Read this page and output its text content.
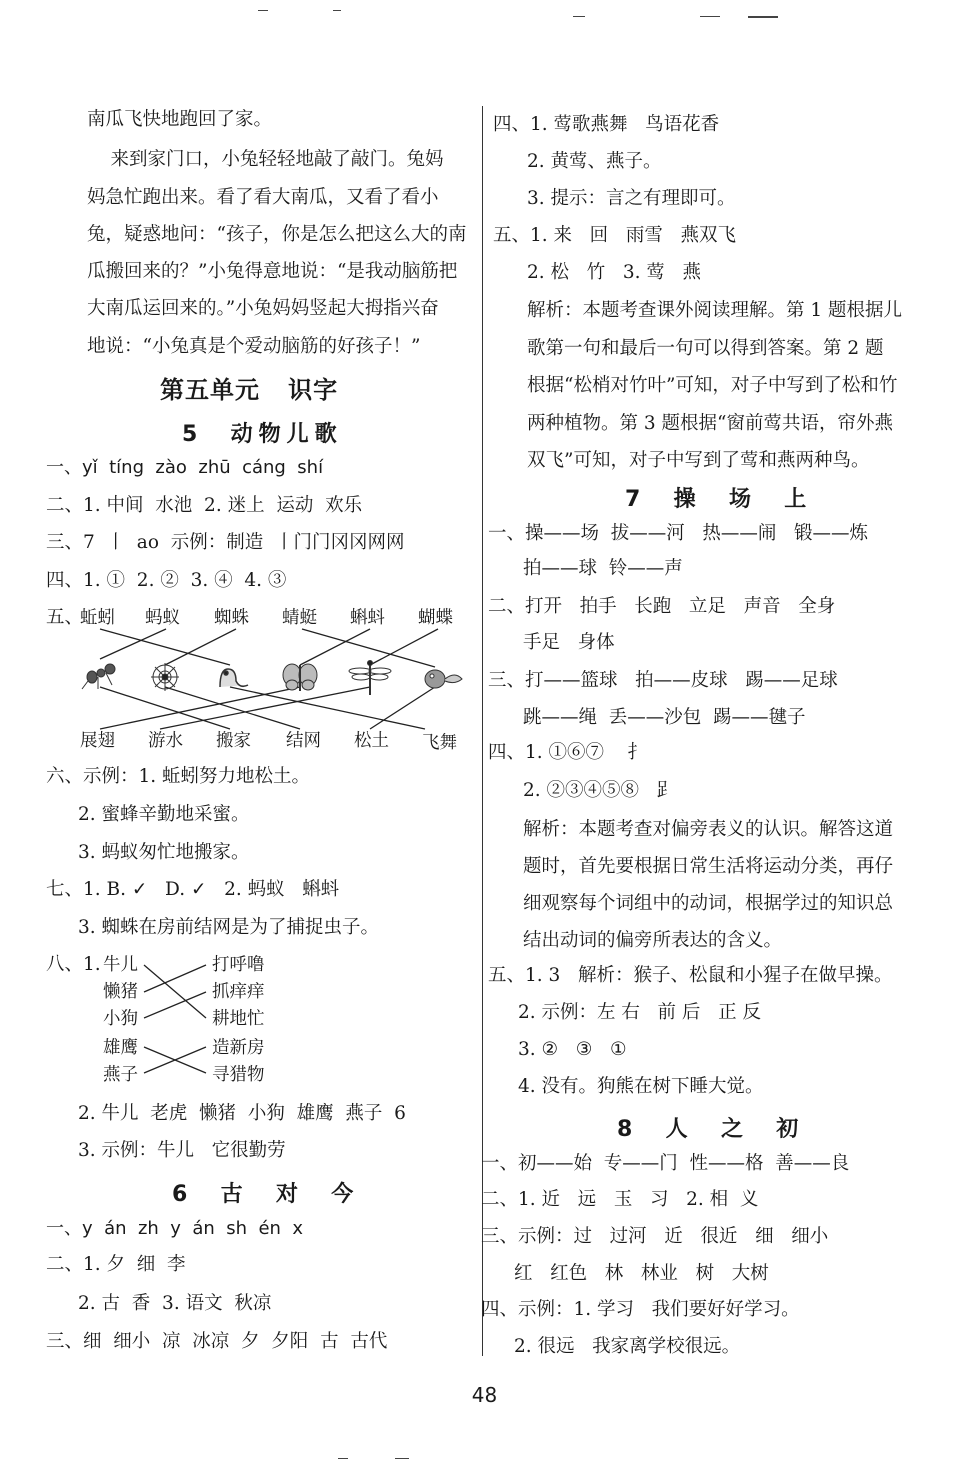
南瓜飞快地跑回了家。
来到家门口，小兔轻轻地敲了敲门。兔妈
妈急忙跑出来。看了看大南瓜，又看了看小
兔，疑惑地问：“孩子，你是怎么把这么大的南
瓜搬回来的？”小兔得意地说：“是我动脑筋把
大南瓜运回来的。”小兔妈妈竖起大拇指兴奋
地说：“小兔真是个爱动脑筋的好孩子！”
第五单元   识字
5  动物儿歌
一、yǐ  tíng  zào  zhū  cáng  shí
二、1. 中间  水池  2. 迷上  运动  欢乐
三、7  丨  ao  示例：制造  丨门门冈冈网网
四、1. ①  2. ②  3. ④  4. ③
五、
蚯蚓 蚂蚁 蜘蛛 蜻蜓 蝌蚪 蝴蝶
展翅 游水 搬家 结网 松土 飞舞
六、示例：1. 蚯蚓努力地松土。
2. 蜜蜂辛勤地采蜜。
3. 蚂蚁匆忙地搬家。
七、1. B. ✓   D. ✓   2. 蚂蚁   蝌蚪
3. 蜘蛛在房前结网是为了捕捉虫子。
八、1. 牛儿
懒猪
小狗
雄鹰
燕子
打呼噜
抓痒痒
耕地忙
造新房
寻猎物
2. 牛儿  老虎  懒猪  小狗  雄鹰  燕子  6
3. 示例：牛儿   它很勤劳
6  古  对  今
一、y  án  zh  y  án  sh  én  x
二、1. 夕  细  李
2. 古  香  3. 语文  秋凉
三、细  细小  凉  冰凉  夕  夕阳  古  古代
四、1. 莺歌燕舞   鸟语花香
2. 黄莺、燕子。
3. 提示：言之有理即可。
五、1. 来   回   雨雪   燕双飞
2. 松   竹   3. 莺   燕
解析：本题考查课外阅读理解。第 1 题根据儿
歌第一句和最后一句可以得到答案。第 2 题
根据“松梢对竹叶”可知，对子中写到了松和竹
两种植物。第 3 题根据“窗前莺共语，帘外燕
双飞”可知，对子中写到了莺和燕两种鸟。
7  操  场  上
一、操——场  拔——河   热——闹   锻——炼
拍——球  铃——声
二、打开   拍手   长跑   立足   声音   全身
手足   身体
三、打——篮球   拍——皮球   踢——足球
跳——绳  丢——沙包  踢——毽子
四、1. ①⑥⑦    扌
2. ②③④⑤⑧   𧾷
解析：本题考查对偏旁表义的认识。解答这道
题时，首先要根据日常生活将运动分类，再仔
细观察每个词组中的动词，根据学过的知识总
结出动词的偏旁所表达的含义。
五、1. 3   解析：猴子、松鼠和小猩子在做早操。
2. 示例：左 右   前 后   正 反
3. ②   ③   ①
4. 没有。狗熊在树下睡大觉。
8  人  之  初
一、初——始  专——门  性——格  善——良
二、1. 近   远   玉   习   2. 相  义
三、示例：过   过河   近   很近   细   细小
红   红色   林   林业   树   大树
四、示例：1. 学习   我们要好好学习。
2. 很远   我家离学校很远。
48
